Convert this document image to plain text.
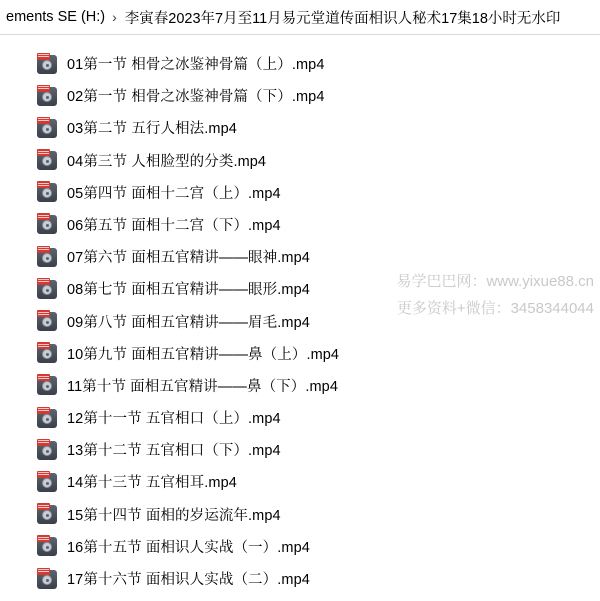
ements SE (H:) › 李寅春2023年7月至11月易元堂道传面相识人秘术17集18小时无水印
01第一节 相骨之冰鉴神骨篇（上）.mp4
02第一节 相骨之冰鉴神骨篇（下）.mp4
03第二节 五行人相法.mp4
04第三节 人相脸型的分类.mp4
05第四节 面相十二宫（上）.mp4
06第五节 面相十二宫（下）.mp4
07第六节 面相五官精讲——眼神.mp4
08第七节 面相五官精讲——眼形.mp4
09第八节 面相五官精讲——眉毛.mp4
10第九节 面相五官精讲——鼻（上）.mp4
11第十节 面相五官精讲——鼻（下）.mp4
12第十一节 五官相口（上）.mp4
13第十二节 五官相口（下）.mp4
14第十三节 五官相耳.mp4
15第十四节 面相的岁运流年.mp4
16第十五节 面相识人实战（一）.mp4
17第十六节 面相识人实战（二）.mp4
易学巴巴网：www.yixue88.cn
更多资料+微信：3458344044
